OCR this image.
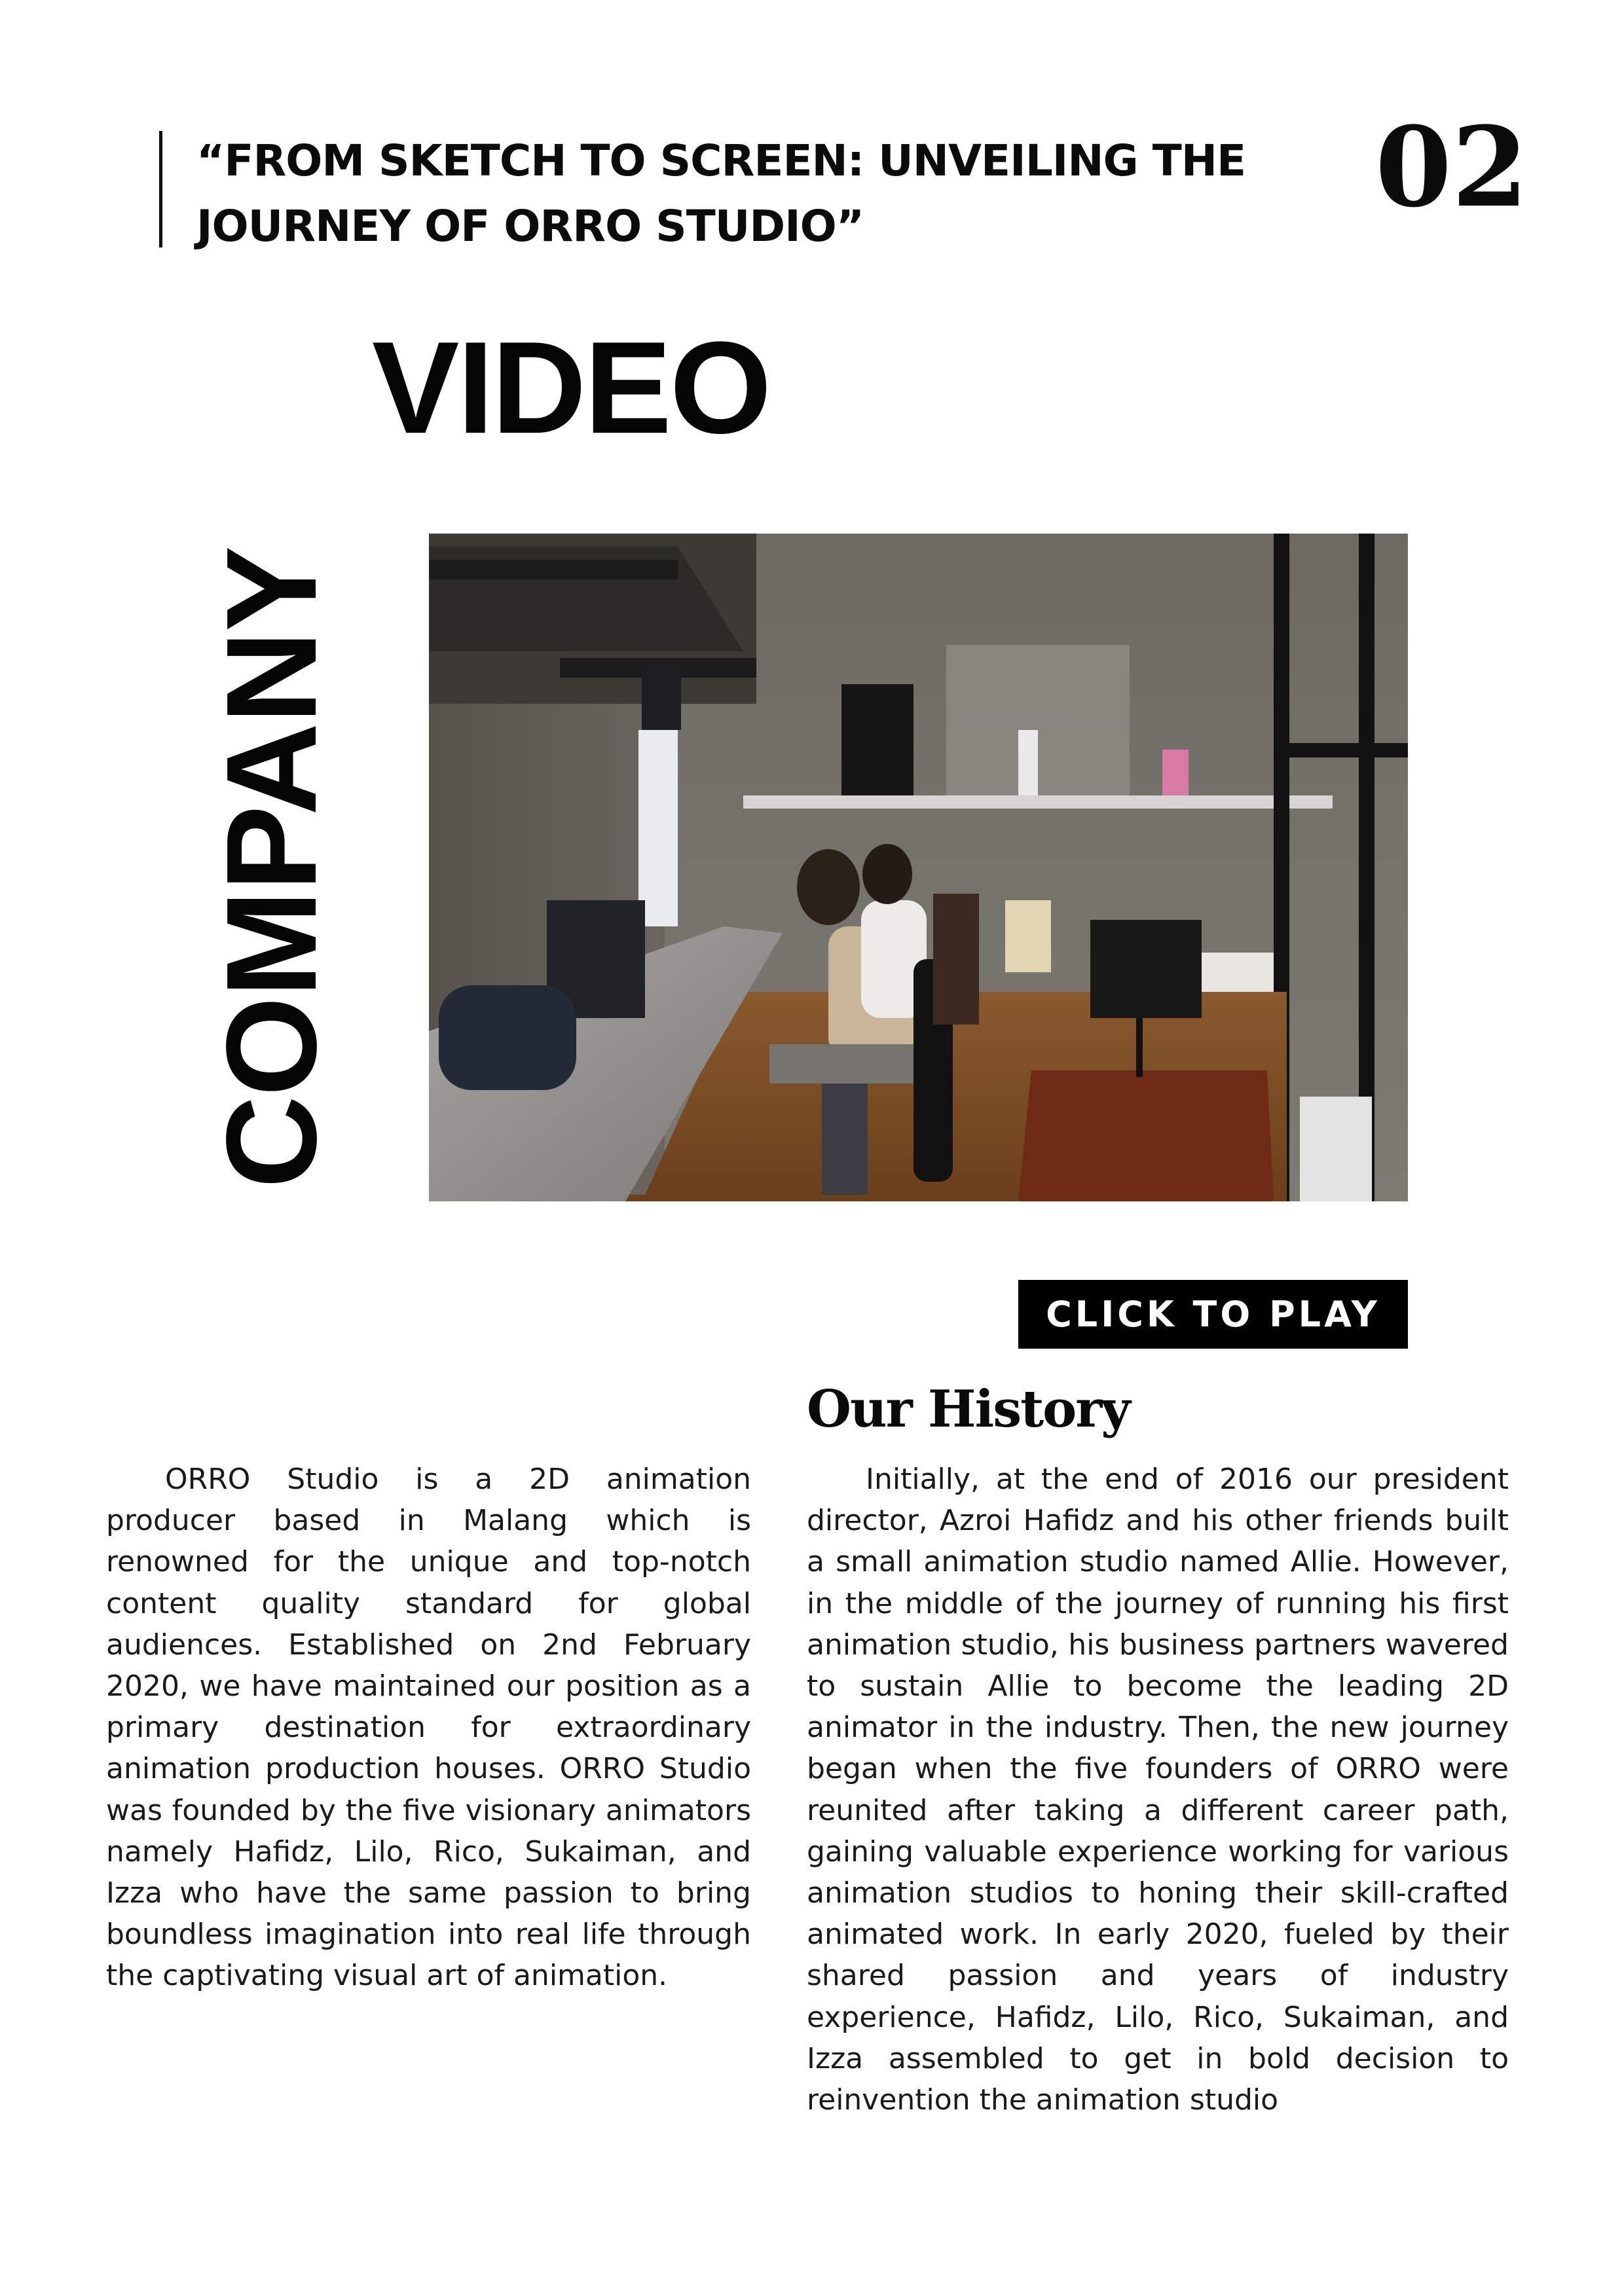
“FROM SKETCH TO SCREEN: UNVEILING THE
JOURNEY OF ORRO STUDIO”	02
VIDEO
COMPANY
CLICK TO PLAY
Our History

ORRO Studio is a 2D animation producer based in Malang which is renowned for the unique and top-notch content quality standard for global audiences. Established on 2nd February 2020, we have maintained our position as a primary destination for extraordinary animation production houses. ORRO Studio was founded by the five visionary animators namely Hafidz, Lilo, Rico, Sukaiman, and Izza who have the same passion to bring boundless imagination into real life through the captivating visual art of animation.

Initially, at the end of 2016 our president director, Azroi Hafidz and his other friends built a small animation studio named Allie. However, in the middle of the journey of running his first animation studio, his business partners wavered to sustain Allie to become the leading 2D animator in the industry. Then, the new journey began when the five founders of ORRO were reunited after taking a different career path, gaining valuable experience working for various animation studios to honing their skill-crafted animated work. In early 2020, fueled by their shared passion and years of industry experience, Hafidz, Lilo, Rico, Sukaiman, and Izza assembled to get in bold decision to reinvention the animation studio
